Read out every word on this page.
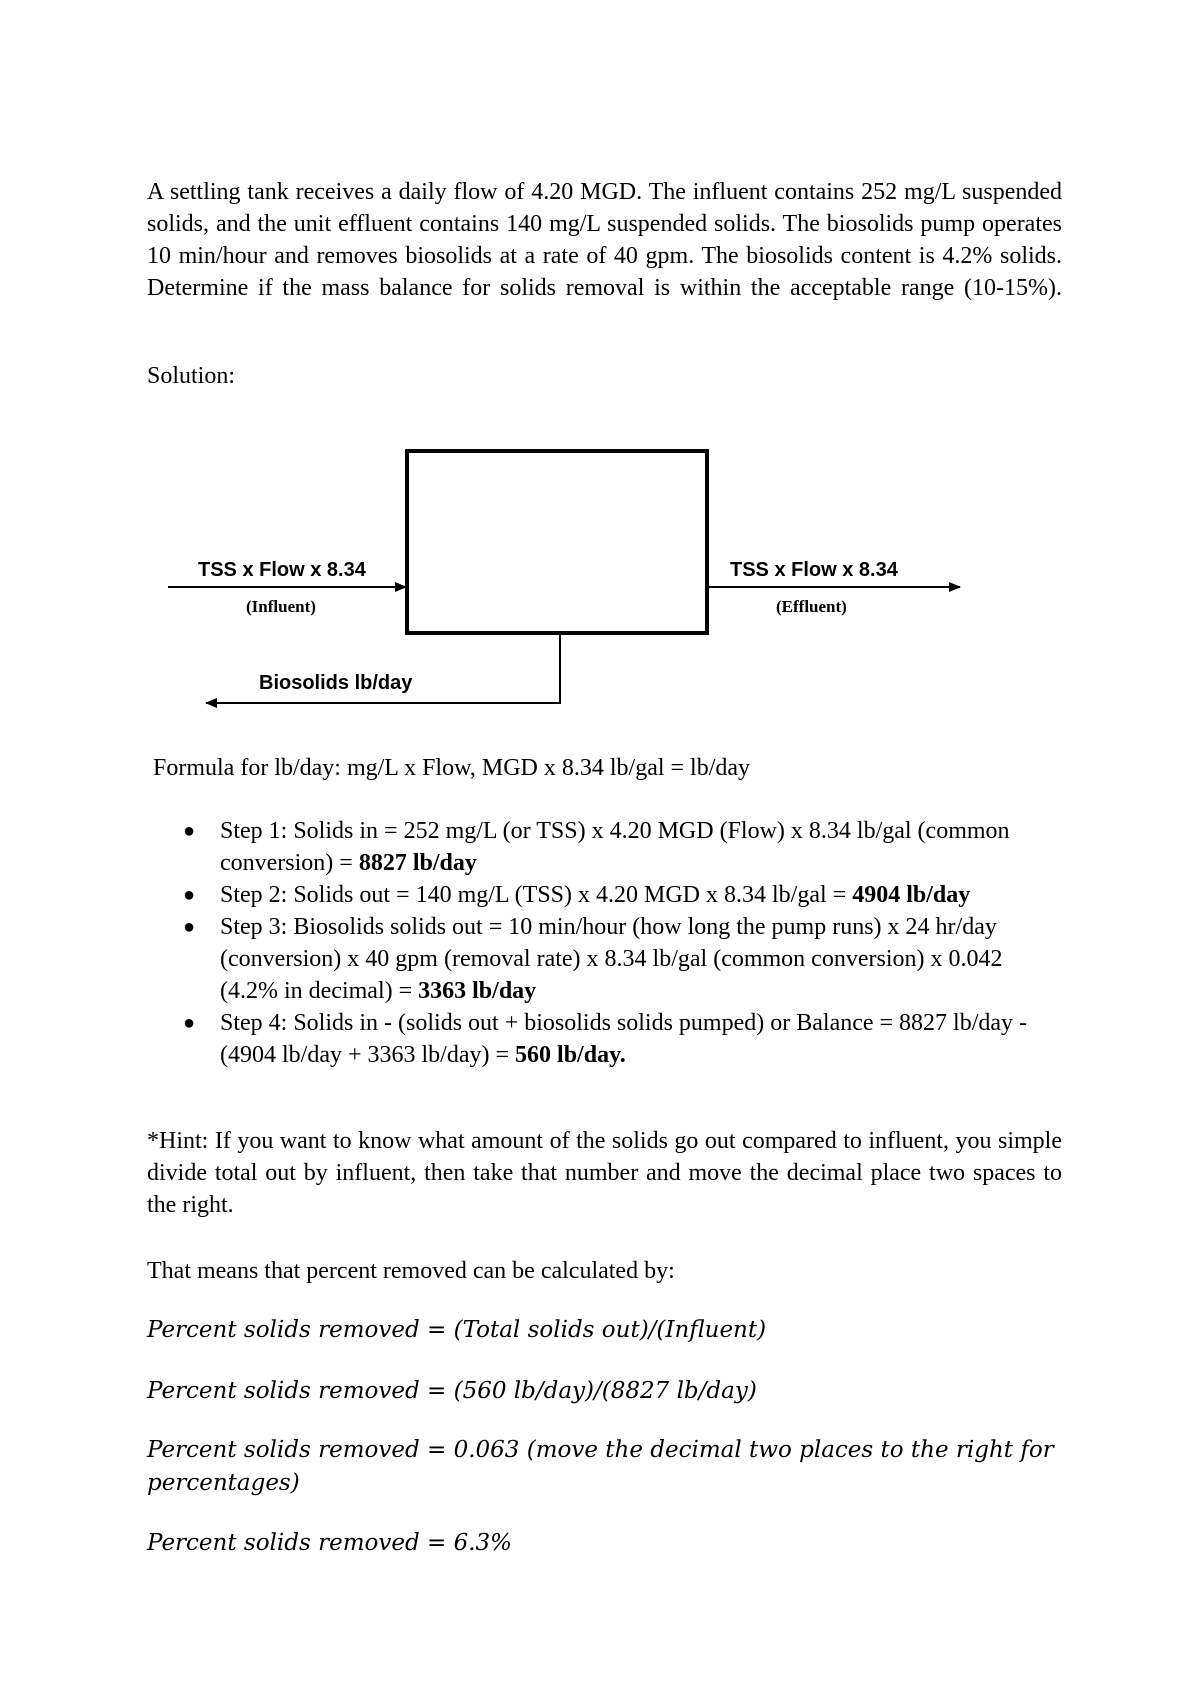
A settling tank receives a daily flow of 4.20 MGD. The influent contains 252 mg/L suspended solids, and the unit effluent contains 140 mg/L suspended solids. The biosolids pump operates 10 min/hour and removes biosolids at a rate of 40 gpm. The biosolids content is 4.2% solids. Determine if the mass balance for solids removal is within the acceptable range (10-15%).
Solution:
TSS x Flow x 8.34
(Influent)
TSS x Flow x 8.34
(Effluent)
Biosolids lb/day
Formula for lb/day: mg/L x Flow, MGD x 8.34 lb/gal = lb/day
● Step 1: Solids in = 252 mg/L (or TSS) x 4.20 MGD (Flow) x 8.34 lb/gal (common conversion) = 8827 lb/day
● Step 2: Solids out = 140 mg/L (TSS) x 4.20 MGD x 8.34 lb/gal = 4904 lb/day
● Step 3: Biosolids solids out = 10 min/hour (how long the pump runs) x 24 hr/day (conversion) x 40 gpm (removal rate) x 8.34 lb/gal (common conversion) x 0.042 (4.2% in decimal) = 3363 lb/day
● Step 4: Solids in - (solids out + biosolids solids pumped) or Balance = 8827 lb/day - (4904 lb/day + 3363 lb/day) = 560 lb/day.
*Hint: If you want to know what amount of the solids go out compared to influent, you simple divide total out by influent, then take that number and move the decimal place two spaces to the right.
That means that percent removed can be calculated by:
Percent solids removed = (Total solids out)/(Influent)
Percent solids removed = (560 lb/day)/(8827 lb/day)
Percent solids removed = 0.063 (move the decimal two places to the right for percentages)
Percent solids removed = 6.3%
